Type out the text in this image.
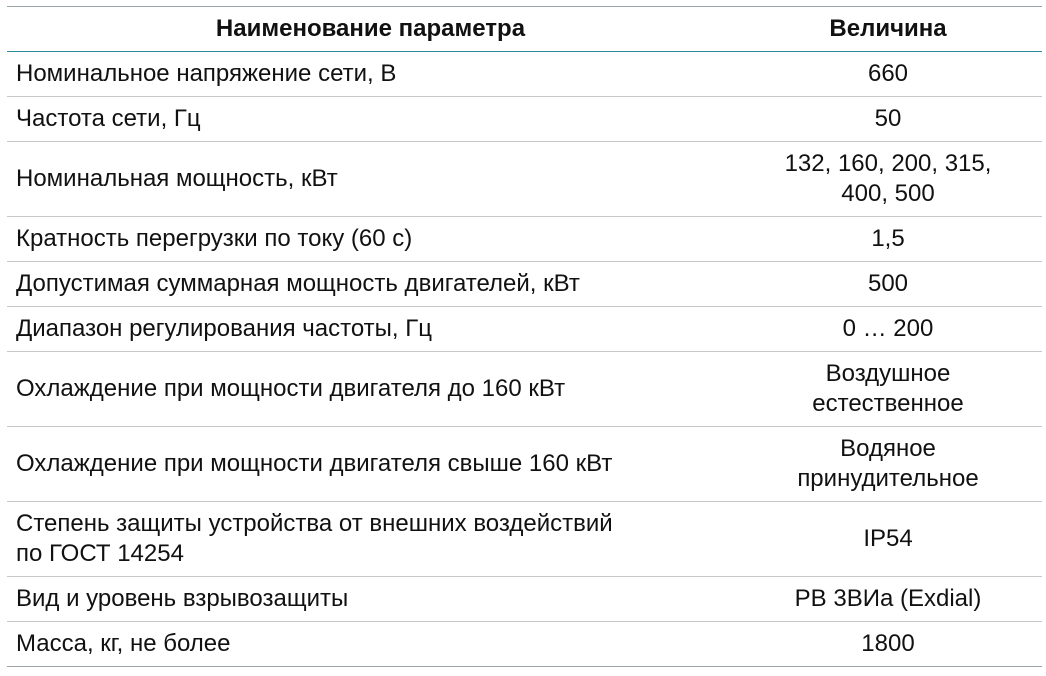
Наименование параметра	Величина
Номинальное напряжение сети, В	660
Частота сети, Гц	50
Номинальная мощность, кВт	132, 160, 200, 315,
400, 500

Кратность перегрузки по току (60 с)	1,5
Допустимая суммарная мощность двигателей, кВт	500
Диапазон регулирования частоты, Гц	0 … 200
Охлаждение при мощности двигателя до 160 кВт	Воздушное
естественное

Охлаждение при мощности двигателя свыше 160 кВт	Водяное
принудительное

Степень защиты устройства от внешних воздействий
по ГОСТ 14254	IP54
Вид и уровень взрывозащиты	РВ 3ВИа (Exdial)
Масса, кг, не более	1800
